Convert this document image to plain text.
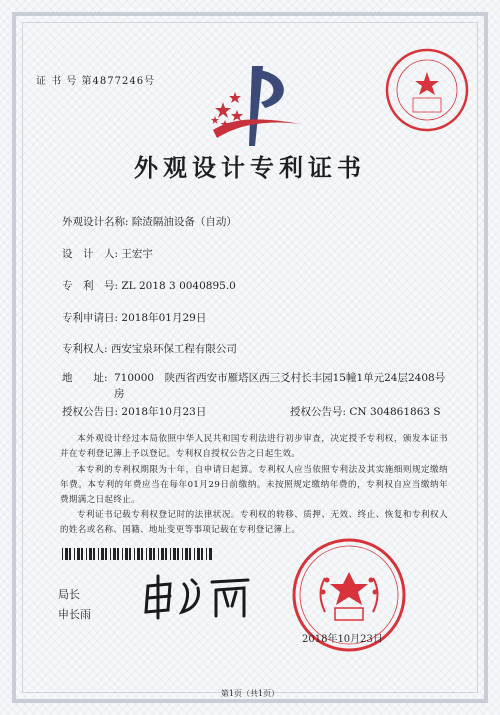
证 书 号 第4877246号
外观设计专利证书
外观设计名称: 除渣隔油设备（自动）
设　计　人: 王宏宇
专　利　号: ZL 2018 3 0040895.0
专利申请日: 2018年01月29日
专利权人: 西安宝泉环保工程有限公司
地　　址: 710000　陕西省西安市雁塔区西三爻村长丰园15幢1单元24层2408号房
授权公告日: 2018年10月23日	授权公告号: CN 304861863 S
本外观设计经过本局依照中华人民共和国专利法进行初步审查，决定授予专利权，颁发本证书并在专利登记簿上予以登记。专利权自授权公告之日起生效。
本专利的专利权期限为十年，自申请日起算。专利权人应当依照专利法及其实施细则规定缴纳年费。本专利的年费应当在每年01月29日前缴纳。未按照规定缴纳年费的，专利权自应当缴纳年费期满之日起终止。
专利证书记载专利权登记时的法律状况。专利权的转移、质押、无效、终止、恢复和专利权人的姓名或名称、国籍、地址变更等事项记载在专利登记簿上。
局长
申长雨
2018年10月23日
第1页（共1页）
